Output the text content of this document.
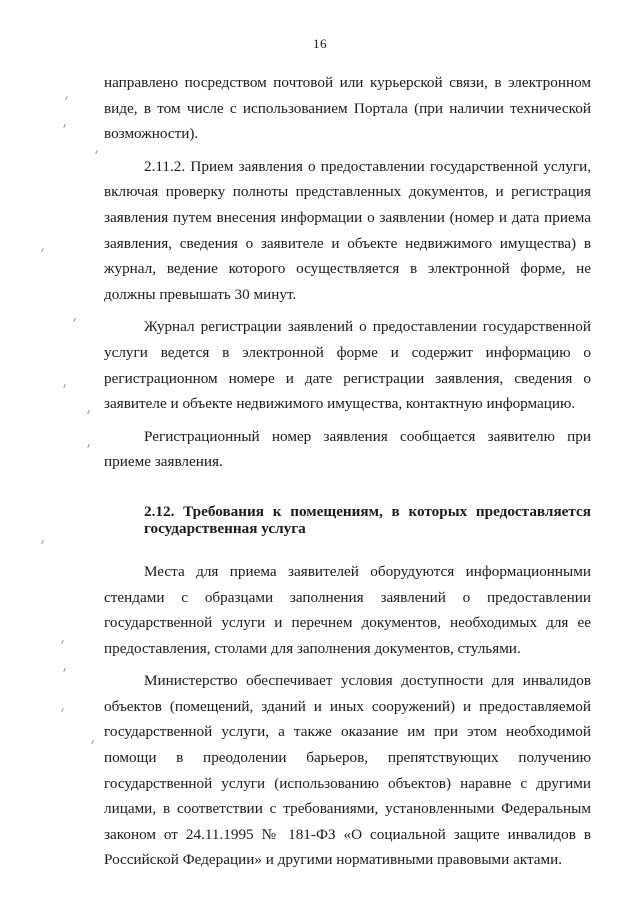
16

направлено посредством почтовой или курьерской связи, в электронном виде, в том числе с использованием Портала (при наличии технической возможности).

2.11.2. Прием заявления о предоставлении государственной услуги, включая проверку полноты представленных документов, и регистрация заявления путем внесения информации о заявлении (номер и дата приема заявления, сведения о заявителе и объекте недвижимого имущества) в журнал, ведение которого осуществляется в электронной форме, не должны превышать 30 минут.

Журнал регистрации заявлений о предоставлении государственной услуги ведется в электронной форме и содержит информацию о регистрационном номере и дате регистрации заявления, сведения о заявителе и объекте недвижимого имущества, контактную информацию.

Регистрационный номер заявления сообщается заявителю при приеме заявления.

2.12. Требования к помещениям, в которых предоставляется государственная услуга

Места для приема заявителей оборудуются информационными стендами с образцами заполнения заявлений о предоставлении государственной услуги и перечнем документов, необходимых для ее предоставления, столами для заполнения документов, стульями.

Министерство обеспечивает условия доступности для инвалидов объектов (помещений, зданий и иных сооружений) и предоставляемой государственной услуги, а также оказание им при этом необходимой помощи в преодолении барьеров, препятствующих получению государственной услуги (использованию объектов) наравне с другими лицами, в соответствии с требованиями, установленными Федеральным законом от 24.11.1995 № 181-ФЗ «О социальной защите инвалидов в Российской Федерации» и другими нормативными правовыми актами.
